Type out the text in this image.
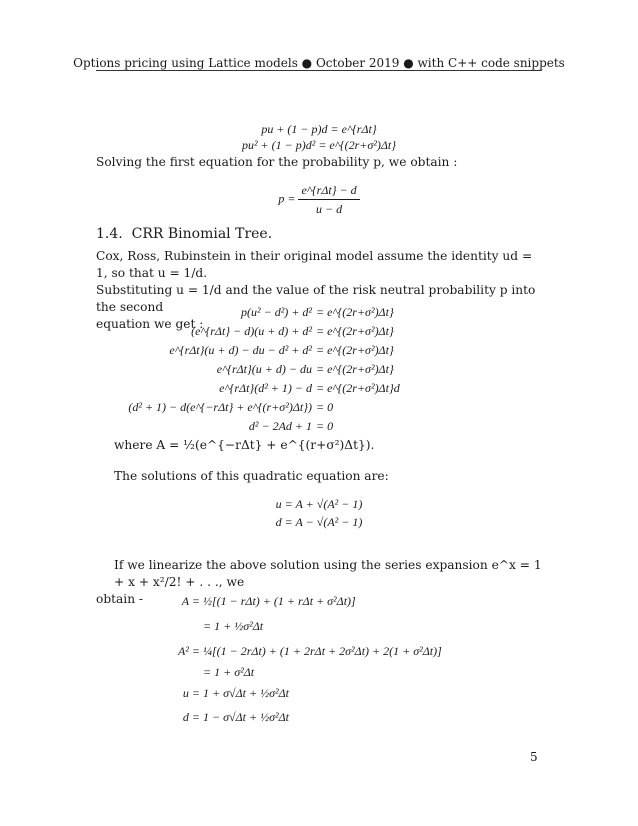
Options pricing using Lattice models ● October 2019 ● with C++ code snippets
pu + (1 − p)d = e^{rΔt}
pu² + (1 − p)d² = e^{(2r+σ²)Δt}
Solving the first equation for the probability p, we obtain :
$p = \frac{\text{e\textasciicircum{}\{rΔt\} − d}}{u - d}$
1.4. CRR Binomial Tree.
Cox, Ross, Rubinstein in their original model assume the identity ud = 1, so that u = 1/d.
Substituting u = 1/d and the value of the risk neutral probability p into the second
equation we get :
p(u² − d²) + d² = e^{(2r+σ²)Δt}
(e^{rΔt} − d)(u + d) + d² = e^{(2r+σ²)Δt}
e^{rΔt}(u + d) − du − d² + d² = e^{(2r+σ²)Δt}
e^{rΔt}(u + d) − du = e^{(2r+σ²)Δt}
e^{rΔt}(d² + 1) − d = e^{(2r+σ²)Δt}d
(d² + 1) − d(e^{−rΔt} + e^{(r+σ²)Δt}) = 0
d² − 2Ad + 1 = 0
where A = ½(e^{−rΔt} + e^{(r+σ²)Δt}).
The solutions of this quadratic equation are:
u = A + √(A² − 1)
d = A − √(A² − 1)
If we linearize the above solution using the series expansion e^x = 1 + x + x²/2! + . . ., we
obtain -	A = ½[(1 − rΔt) + (1 + rΔt + σ²Δt)]
= 1 + ½σ²Δt
A² = ¼[(1 − 2rΔt) + (1 + 2rΔt + 2σ²Δt) + 2(1 + σ²Δt)]
= 1 + σ²Δt
u = 1 + σ√Δt + ½σ²Δt
d = 1 − σ√Δt + ½σ²Δt
5
